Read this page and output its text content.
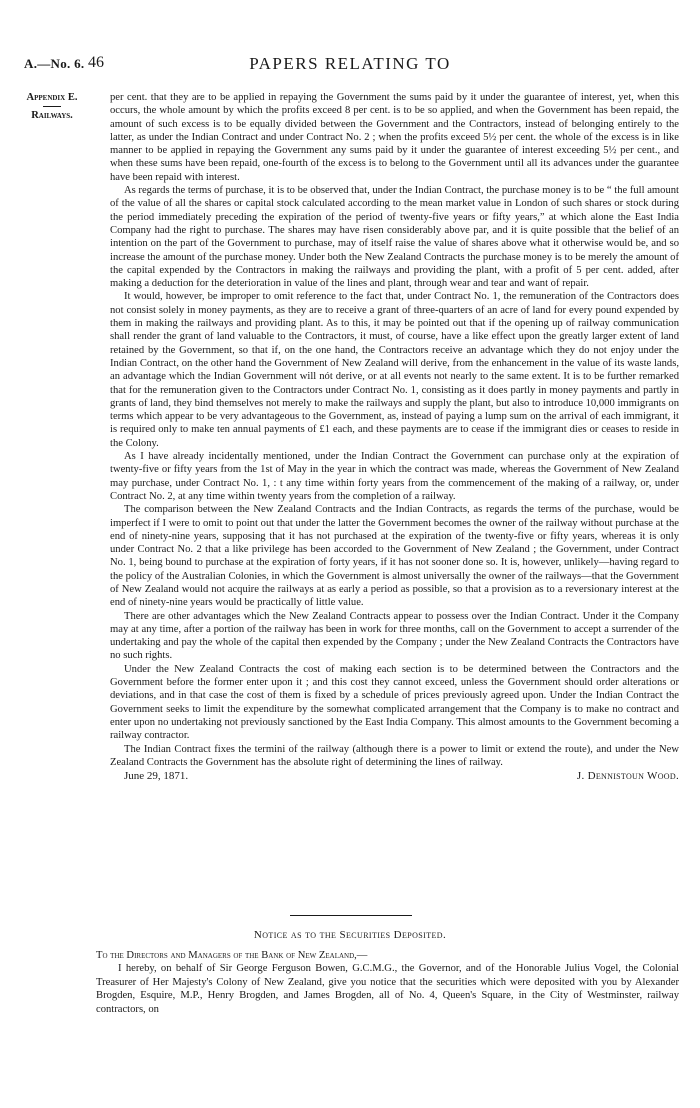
A.—No. 6. 46	PAPERS RELATING TO
Appendix E.
Railways.

per cent. that they are to be applied in repaying the Government the sums paid by it under the guarantee of interest, yet, when this occurs, the whole amount by which the profits exceed 8 per cent. is to be so applied, and when the Government has been repaid, the amount of such excess is to be equally divided between the Government and the Contractors, instead of belonging entirely to the latter, as under the Indian Contract and under Contract No. 2 ; when the profits exceed 5½ per cent. the whole of the excess is in like manner to be applied in repaying the Government any sums paid by it under the guarantee of interest exceeding 5½ per cent., and when these sums have been repaid, one-fourth of the excess is to belong to the Government until all its advances under the guarantee have been repaid with interest.

As regards the terms of purchase, it is to be observed that, under the Indian Contract, the purchase money is to be “ the full amount of the value of all the shares or capital stock calculated according to the mean market value in London of such shares or stock during the period immediately preceding the expiration of the period of twenty-five years or fifty years,” at which alone the East India Company had the right to purchase. The shares may have risen considerably above par, and it is quite possible that the belief of an intention on the part of the Government to purchase, may of itself raise the value of shares above what it otherwise would be, and so increase the amount of the purchase money. Under both the New Zealand Contracts the purchase money is to be merely the amount of the capital expended by the Contractors in making the railways and providing the plant, with a profit of 5 per cent. added, after making a deduction for the deterioration in value of the lines and plant, through wear and tear and want of repair.

It would, however, be improper to omit reference to the fact that, under Contract No. 1, the remuneration of the Contractors does not consist solely in money payments, as they are to receive a grant of three-quarters of an acre of land for every pound expended by them in making the railways and providing plant. As to this, it may be pointed out that if the opening up of railway communication shall render the grant of land valuable to the Contractors, it must, of course, have a like effect upon the greatly larger extent of land retained by the Government, so that if, on the one hand, the Contractors receive an advantage which they do not enjoy under the Indian Contract, on the other hand the Government of New Zealand will derive, from the enhancement in the value of its waste lands, an advantage which the Indian Government will nót derive, or at all events not nearly to the same extent. It is to be further remarked that for the remuneration given to the Contractors under Contract No. 1, consisting as it does partly in money payments and partly in grants of land, they bind themselves not merely to make the railways and supply the plant, but also to introduce 10,000 immigrants on terms which appear to be very advantageous to the Government, as, instead of paying a lump sum on the arrival of each immigrant, it is required only to make ten annual payments of £1 each, and these payments are to cease if the immigrant dies or ceases to reside in the Colony.

As I have already incidentally mentioned, under the Indian Contract the Government can purchase only at the expiration of twenty-five or fifty years from the 1st of May in the year in which the contract was made, whereas the Government of New Zealand may purchase, under Contract No. 1, : t any time within forty years from the commencement of the making of a railway, or, under Contract No. 2, at any time within twenty years from the completion of a railway.

The comparison between the New Zealand Contracts and the Indian Contracts, as regards the terms of the purchase, would be imperfect if I were to omit to point out that under the latter the Government becomes the owner of the railway without purchase at the end of ninety-nine years, supposing that it has not purchased at the expiration of the twenty-five or fifty years, whereas it is only under Contract No. 2 that a like privilege has been accorded to the Government of New Zealand ; the Government, under Contract No. 1, being bound to purchase at the expiration of forty years, if it has not sooner done so. It is, however, unlikely—having regard to the policy of the Australian Colonies, in which the Government is almost universally the owner of the railways—that the Government of New Zealand would not acquire the railways at as early a period as possible, so that a provision as to a reversionary interest at the end of ninety-nine years would be practically of little value.

There are other advantages which the New Zealand Contracts appear to possess over the Indian Contract. Under it the Company may at any time, after a portion of the railway has been in work for three months, call on the Government to accept a surrender of the undertaking and pay the whole of the capital then expended by the Company ; under the New Zealand Contracts the Contractors have no such rights.

Under the New Zealand Contracts the cost of making each section is to be determined between the Contractors and the Government before the former enter upon it ; and this cost they cannot exceed, unless the Government should order alterations or deviations, and in that case the cost of them is fixed by a schedule of prices previously agreed upon. Under the Indian Contract the Government seeks to limit the expenditure by the somewhat complicated arrangement that the Company is to make no contract and enter upon no undertaking not previously sanctioned by the East India Company. This almost amounts to the Government becoming a railway contractor.

The Indian Contract fixes the termini of the railway (although there is a power to limit or extend the route), and under the New Zealand Contracts the Government has the absolute right of determining the lines of railway.

June 29, 1871.	J. Dennistoun Wood.
Notice as to the Securities Deposited.
To the Directors and Managers of the Bank of New Zealand,—

I hereby, on behalf of Sir George Ferguson Bowen, G.C.M.G., the Governor, and of the Honorable Julius Vogel, the Colonial Treasurer of Her Majesty's Colony of New Zealand, give you notice that the securities which were deposited with you by Alexander Brogden, Esquire, M.P., Henry Brogden, and James Brogden, all of No. 4, Queen's Square, in the City of Westminster, railway contractors, on
